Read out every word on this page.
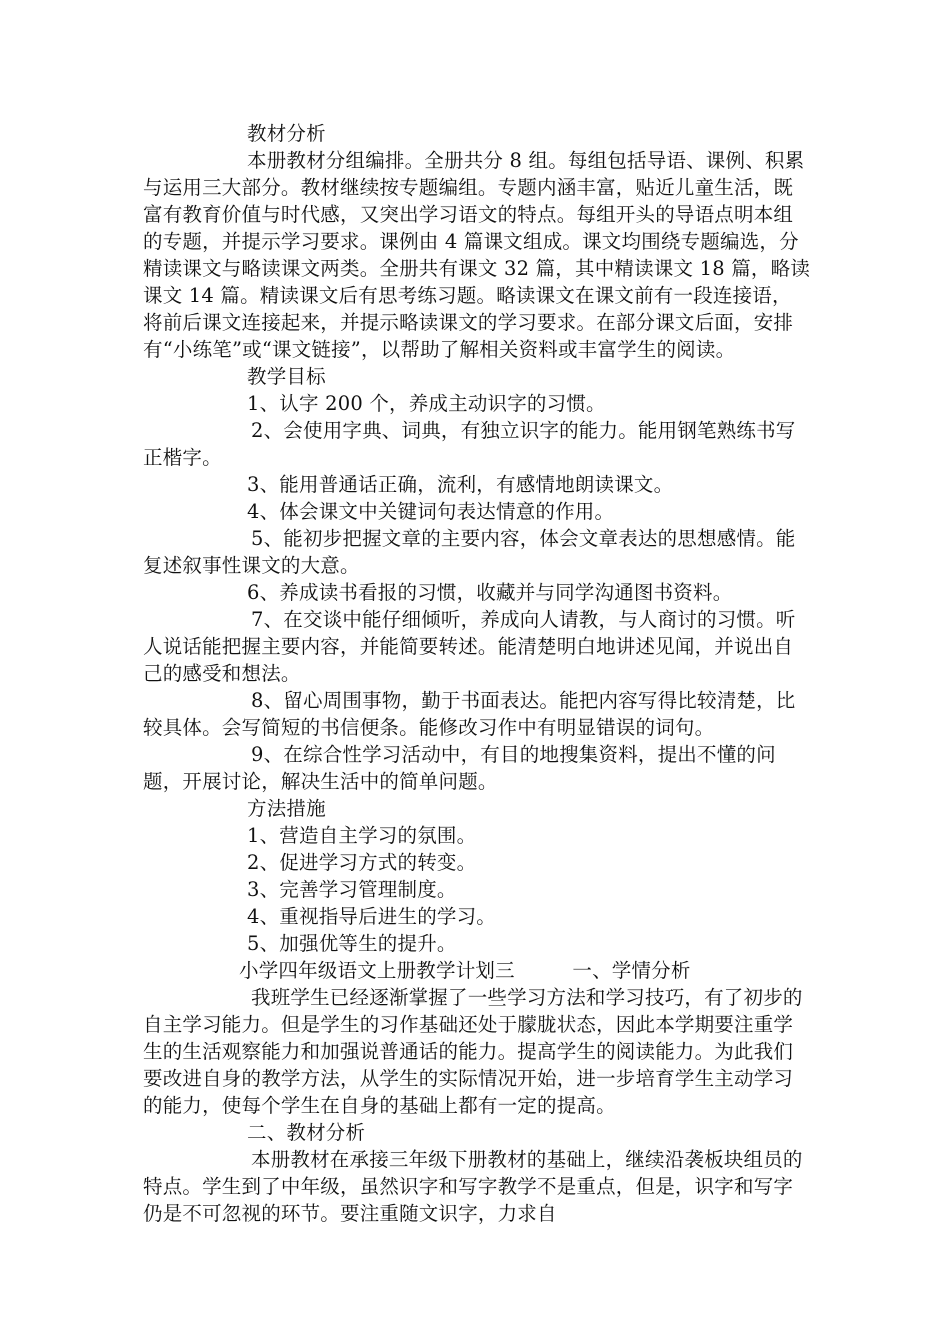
教材分析

本册教材分组编排。全册共分 8 组。每组包括导语、课例、积累与运用三大部分。教材继续按专题编组。专题内涵丰富，贴近儿童生活，既富有教育价值与时代感，又突出学习语文的特点。每组开头的导语点明本组的专题，并提示学习要求。课例由 4 篇课文组成。课文均围绕专题编选，分精读课文与略读课文两类。全册共有课文 32 篇，其中精读课文 18 篇，略读课文 14 篇。精读课文后有思考练习题。略读课文在课文前有一段连接语，将前后课文连接起来，并提示略读课文的学习要求。在部分课文后面，安排有“小练笔”或“课文链接”，以帮助了解相关资料或丰富学生的阅读。

教学目标

1、认字 200 个，养成主动识字的习惯。

2、会使用字典、词典，有独立识字的能力。能用钢笔熟练书写正楷字。

3、能用普通话正确，流利，有感情地朗读课文。

4、体会课文中关键词句表达情意的作用。

5、能初步把握文章的主要内容，体会文章表达的思想感情。能复述叙事性课文的大意。

6、养成读书看报的习惯，收藏并与同学沟通图书资料。

7、在交谈中能仔细倾听，养成向人请教，与人商讨的习惯。听人说话能把握主要内容，并能简要转述。能清楚明白地讲述见闻，并说出自己的感受和想法。

8、留心周围事物，勤于书面表达。能把内容写得比较清楚，比较具体。会写简短的书信便条。能修改习作中有明显错误的词句。

9、在综合性学习活动中，有目的地搜集资料，提出不懂的问题，开展讨论，解决生活中的简单问题。

方法措施

1、营造自主学习的氛围。

2、促进学习方式的转变。

3、完善学习管理制度。

4、重视指导后进生的学习。

5、加强优等生的提升。

小学四年级语文上册教学计划三         一、学情分析

我班学生已经逐渐掌握了一些学习方法和学习技巧，有了初步的自主学习能力。但是学生的习作基础还处于朦胧状态，因此本学期要注重学生的生活观察能力和加强说普通话的能力。提高学生的阅读能力。为此我们要改进自身的教学方法，从学生的实际情况开始，进一步培育学生主动学习的能力，使每个学生在自身的基础上都有一定的提高。

二、教材分析

本册教材在承接三年级下册教材的基础上，继续沿袭板块组员的特点。学生到了中年级，虽然识字和写字教学不是重点，但是，识字和写字仍是不可忽视的环节。要注重随文识字，力求自
